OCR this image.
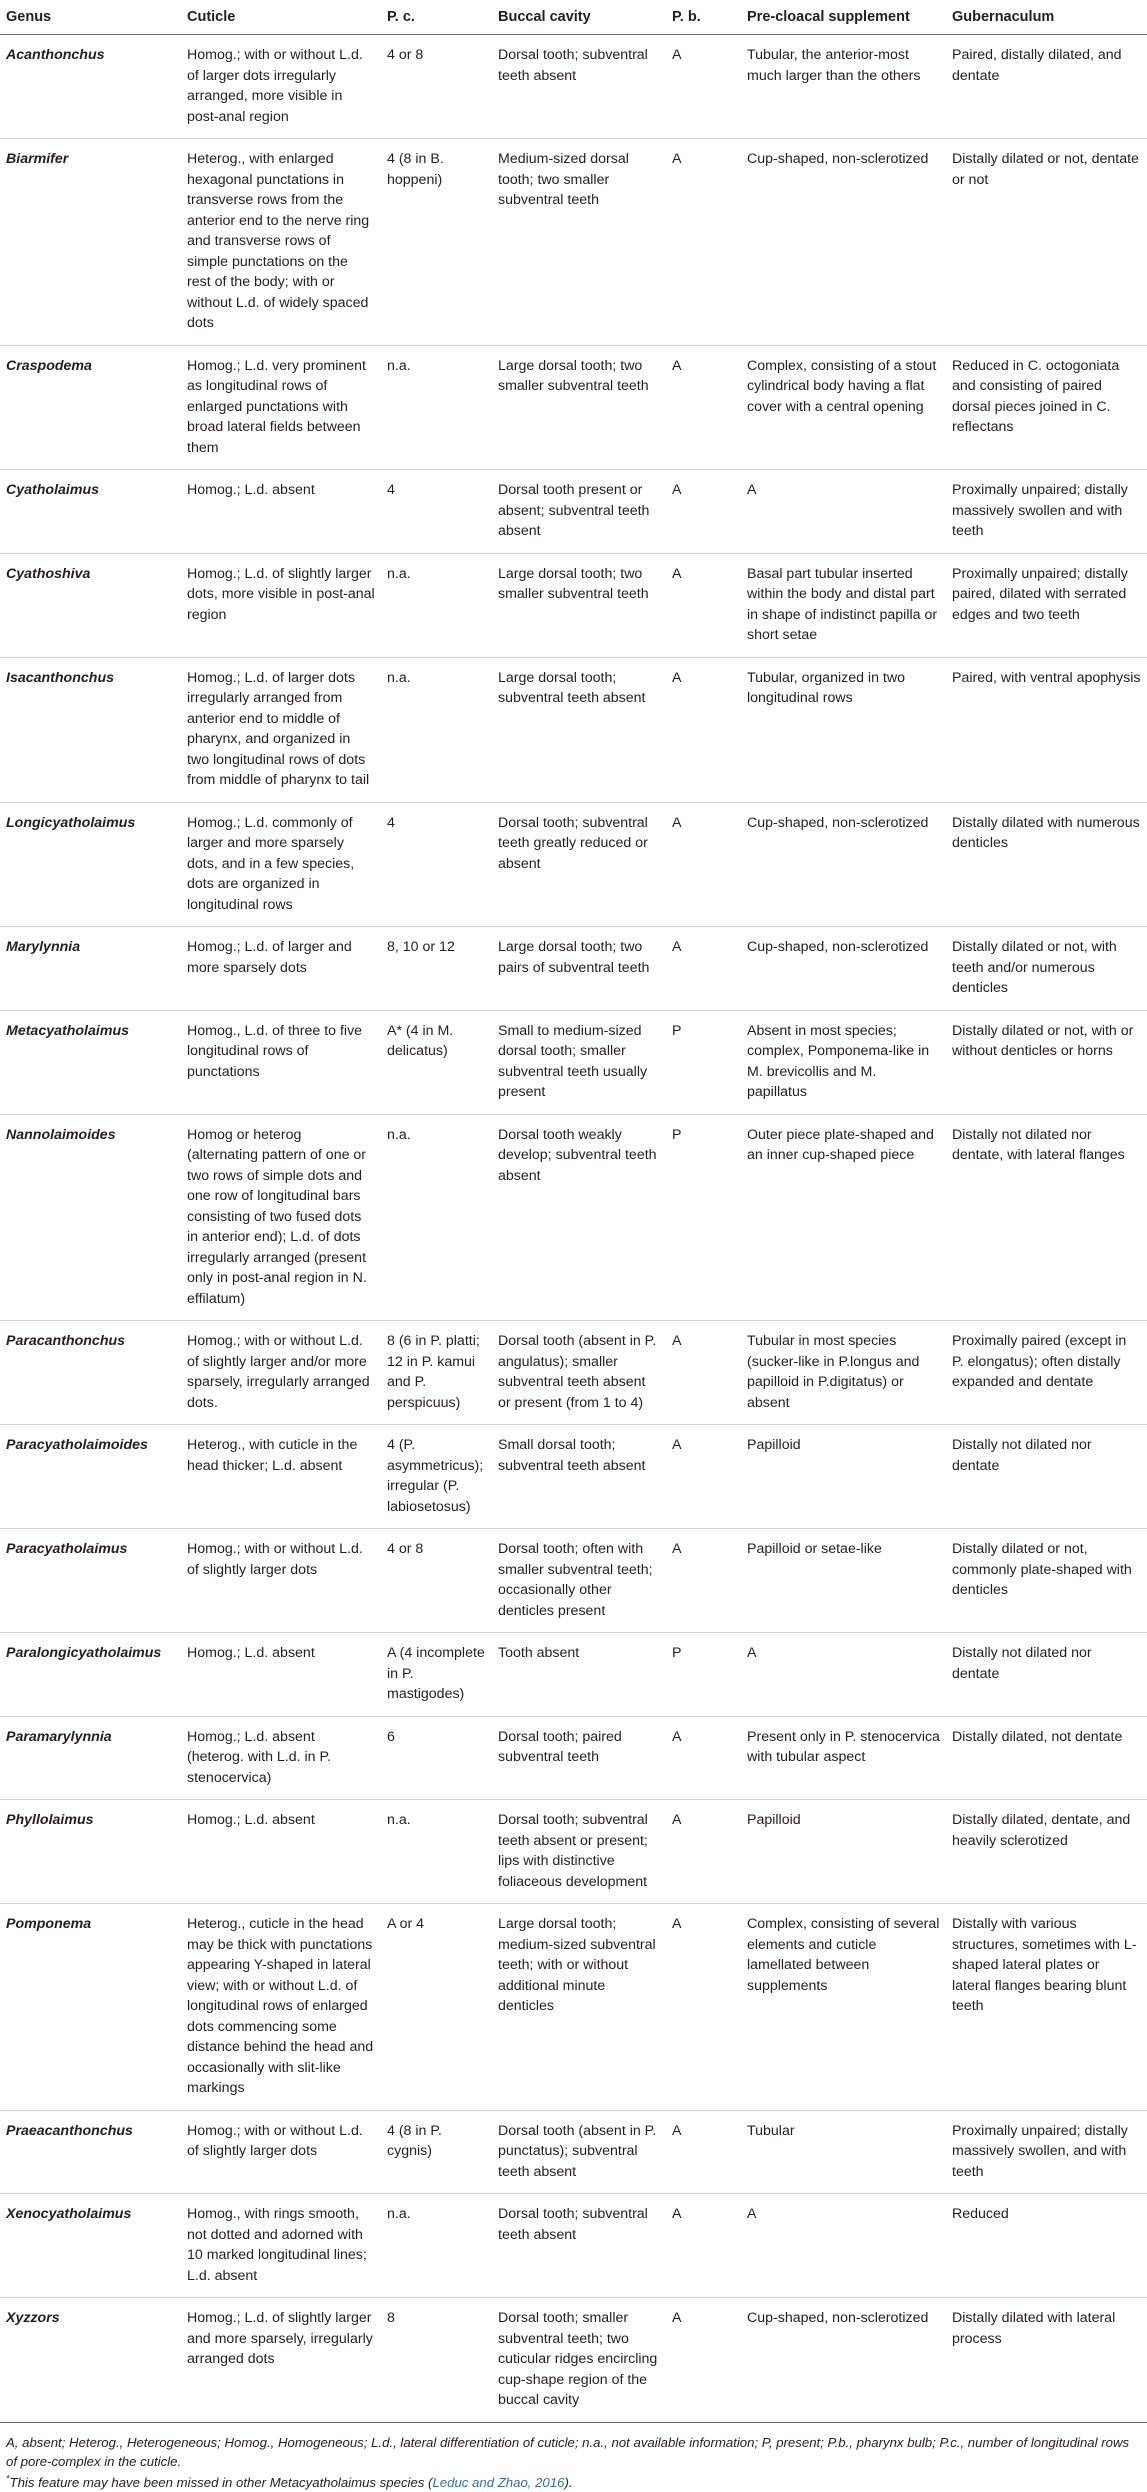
Genus	Cuticle	P. c.	Buccal cavity	P. b.	Pre-cloacal supplement	Gubernaculum
Acanthonchus	Homog.; with or without L.d. of larger dots irregularly arranged, more visible in post-anal region	4 or 8	Dorsal tooth; subventral teeth absent	A	Tubular, the anterior-most much larger than the others	Paired, distally dilated, and dentate
Biarmifer	Heterog., with enlarged hexagonal punctations in transverse rows from the anterior end to the nerve ring and transverse rows of simple punctations on the rest of the body; with or without L.d. of widely spaced dots	4 (8 in B. hoppeni)	Medium-sized dorsal tooth; two smaller subventral teeth	A	Cup-shaped, non-sclerotized	Distally dilated or not, dentate or not
Craspodema	Homog.; L.d. very prominent as longitudinal rows of enlarged punctations with broad lateral fields between them	n.a.	Large dorsal tooth; two smaller subventral teeth	A	Complex, consisting of a stout cylindrical body having a flat cover with a central opening	Reduced in C. octogoniata and consisting of paired dorsal pieces joined in C. reflectans
Cyatholaimus	Homog.; L.d. absent	4	Dorsal tooth present or absent; subventral teeth absent	A	A	Proximally unpaired; distally massively swollen and with teeth
Cyathoshiva	Homog.; L.d. of slightly larger dots, more visible in post-anal region	n.a.	Large dorsal tooth; two smaller subventral teeth	A	Basal part tubular inserted within the body and distal part in shape of indistinct papilla or short setae	Proximally unpaired; distally paired, dilated with serrated edges and two teeth
Isacanthonchus	Homog.; L.d. of larger dots irregularly arranged from anterior end to middle of pharynx, and organized in two longitudinal rows of dots from middle of pharynx to tail	n.a.	Large dorsal tooth; subventral teeth absent	A	Tubular, organized in two longitudinal rows	Paired, with ventral apophysis
Longicyatholaimus	Homog.; L.d. commonly of larger and more sparsely dots, and in a few species, dots are organized in longitudinal rows	4	Dorsal tooth; subventral teeth greatly reduced or absent	A	Cup-shaped, non-sclerotized	Distally dilated with numerous denticles
Marylynnia	Homog.; L.d. of larger and more sparsely dots	8, 10 or 12	Large dorsal tooth; two pairs of subventral teeth	A	Cup-shaped, non-sclerotized	Distally dilated or not, with teeth and/or numerous denticles
Metacyatholaimus	Homog., L.d. of three to five longitudinal rows of punctations	A* (4 in M. delicatus)	Small to medium-sized dorsal tooth; smaller subventral teeth usually present	P	Absent in most species; complex, Pomponema-like in M. brevicollis and M. papillatus	Distally dilated or not, with or without denticles or horns
Nannolaimoides	Homog or heterog (alternating pattern of one or two rows of simple dots and one row of longitudinal bars consisting of two fused dots in anterior end); L.d. of dots irregularly arranged (present only in post-anal region in N. effilatum)	n.a.	Dorsal tooth weakly develop; subventral teeth absent	P	Outer piece plate-shaped and an inner cup-shaped piece	Distally not dilated nor dentate, with lateral flanges
Paracanthonchus	Homog.; with or without L.d. of slightly larger and/or more sparsely, irregularly arranged dots.	8 (6 in P. platti; 12 in P. kamui and P. perspicuus)	Dorsal tooth (absent in P. angulatus); smaller subventral teeth absent or present (from 1 to 4)	A	Tubular in most species (sucker-like in P.longus and papilloid in P.digitatus) or absent	Proximally paired (except in P. elongatus); often distally expanded and dentate
Paracyatholaimoides	Heterog., with cuticle in the head thicker; L.d. absent	4 (P. asymmetricus); irregular (P. labiosetosus)	Small dorsal tooth; subventral teeth absent	A	Papilloid	Distally not dilated nor dentate
Paracyatholaimus	Homog.; with or without L.d. of slightly larger dots	4 or 8	Dorsal tooth; often with smaller subventral teeth; occasionally other denticles present	A	Papilloid or setae-like	Distally dilated or not, commonly plate-shaped with denticles
Paralongicyatholaimus	Homog.; L.d. absent	A (4 incomplete in P. mastigodes)	Tooth absent	P	A	Distally not dilated nor dentate
Paramarylynnia	Homog.; L.d. absent (heterog. with L.d. in P. stenocervica)	6	Dorsal tooth; paired subventral teeth	A	Present only in P. stenocervica with tubular aspect	Distally dilated, not dentate
Phyllolaimus	Homog.; L.d. absent	n.a.	Dorsal tooth; subventral teeth absent or present; lips with distinctive foliaceous development	A	Papilloid	Distally dilated, dentate, and heavily sclerotized
Pomponema	Heterog., cuticle in the head may be thick with punctations appearing Y-shaped in lateral view; with or without L.d. of longitudinal rows of enlarged dots commencing some distance behind the head and occasionally with slit-like markings	A or 4	Large dorsal tooth; medium-sized subventral teeth; with or without additional minute denticles	A	Complex, consisting of several elements and cuticle lamellated between supplements	Distally with various structures, sometimes with L-shaped lateral plates or lateral flanges bearing blunt teeth
Praeacanthonchus	Homog.; with or without L.d. of slightly larger dots	4 (8 in P. cygnis)	Dorsal tooth (absent in P. punctatus); subventral teeth absent	A	Tubular	Proximally unpaired; distally massively swollen, and with teeth
Xenocyatholaimus	Homog., with rings smooth, not dotted and adorned with 10 marked longitudinal lines; L.d. absent	n.a.	Dorsal tooth; subventral teeth absent	A	A	Reduced
Xyzzors	Homog.; L.d. of slightly larger and more sparsely, irregularly arranged dots	8	Dorsal tooth; smaller subventral teeth; two cuticular ridges encircling cup-shape region of the buccal cavity	A	Cup-shaped, non-sclerotized	Distally dilated with lateral process
A, absent; Heterog., Heterogeneous; Homog., Homogeneous; L.d., lateral differentiation of cuticle; n.a., not available information; P, present; P.b., pharynx bulb; P.c., number of longitudinal rows of pore-complex in the cuticle.
*This feature may have been missed in other Metacyatholaimus species (Leduc and Zhao, 2016).
